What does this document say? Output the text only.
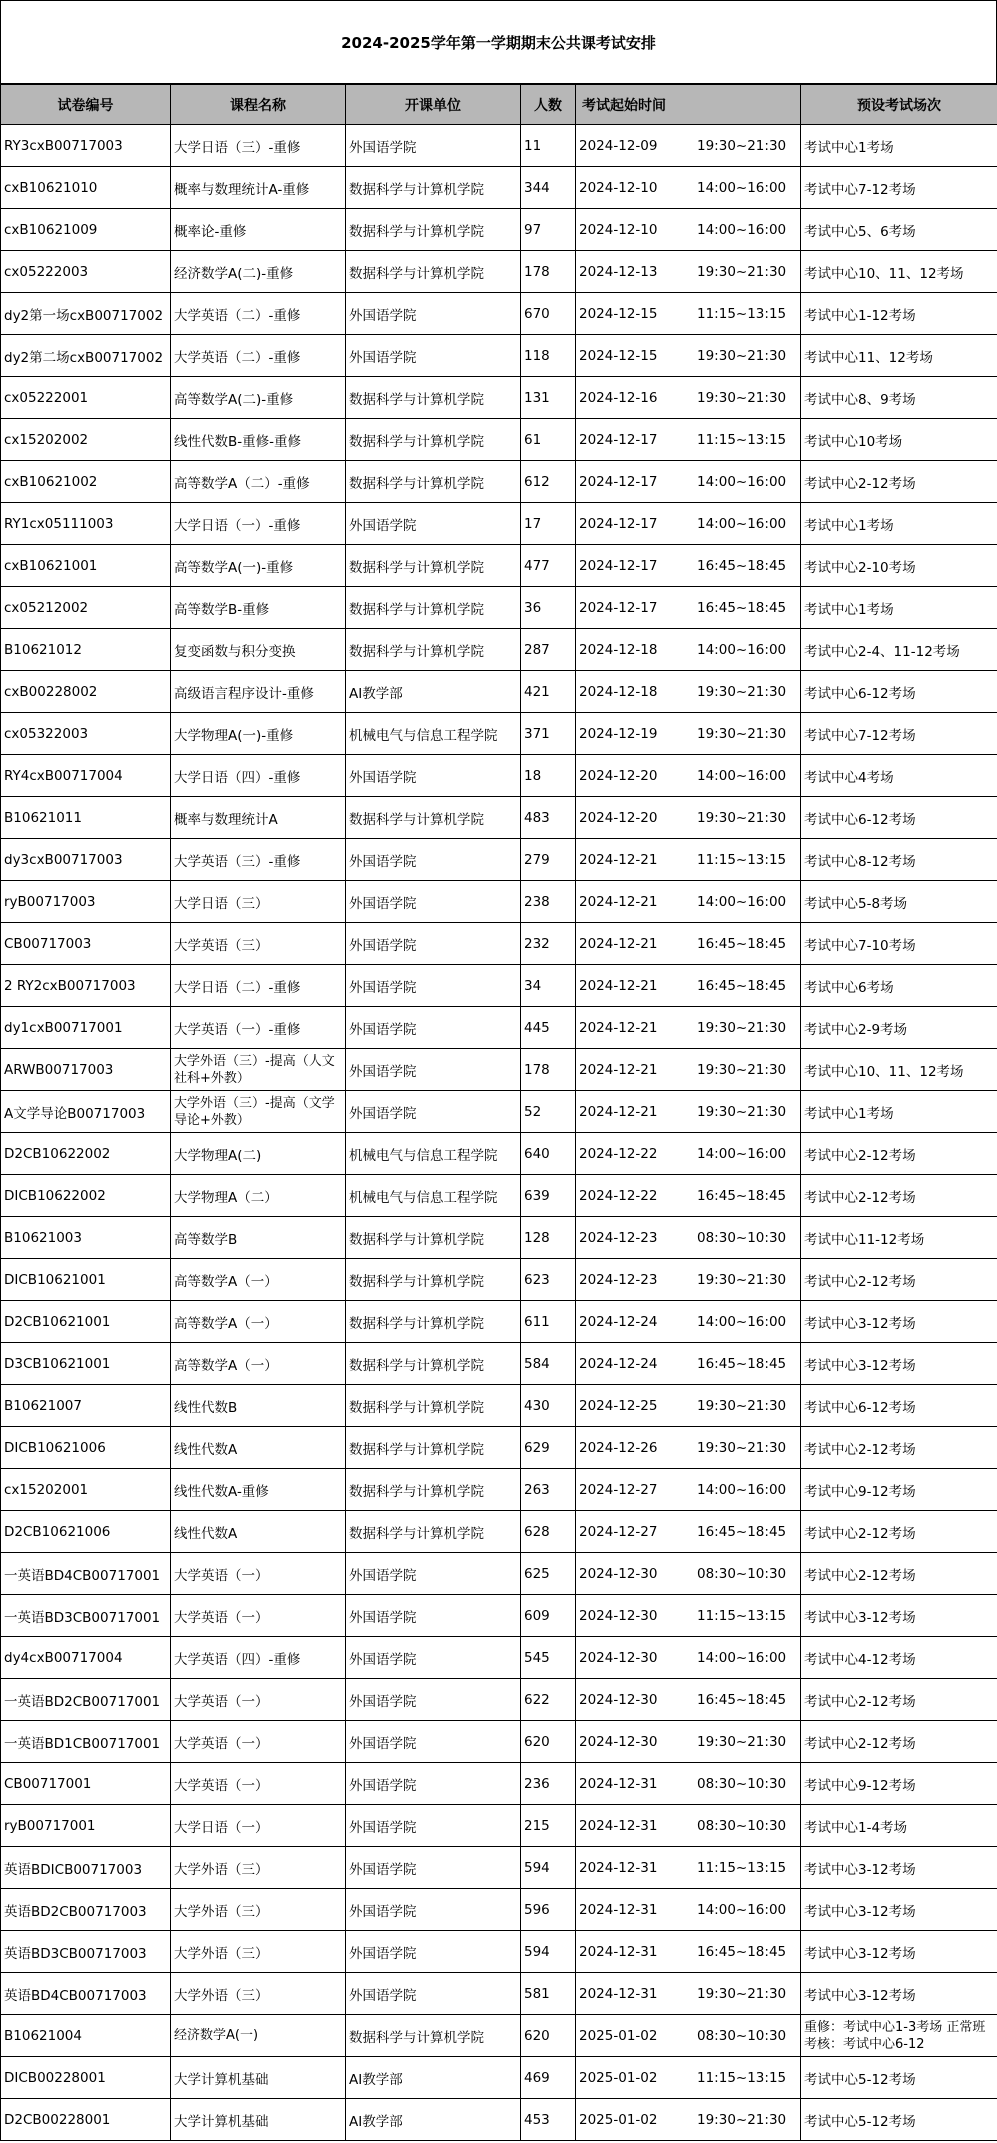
2024-2025学年第一学期期末公共课考试安排
试卷编号	课程名称	开课单位	人数	考试起始时间	预设考试场次
RY3cxB00717003	大学日语（三）-重修	外国语学院	11	2024-12-09 19:30~21:30	考试中心1考场
cxB10621010	概率与数理统计A-重修	数据科学与计算机学院	344	2024-12-10 14:00~16:00	考试中心7-12考场
cxB10621009	概率论-重修	数据科学与计算机学院	97	2024-12-10 14:00~16:00	考试中心5、6考场
cx05222003	经济数学A(二)-重修	数据科学与计算机学院	178	2024-12-13 19:30~21:30	考试中心10、11、12考场
dy2第一场cxB00717002	大学英语（二）-重修	外国语学院	670	2024-12-15 11:15~13:15	考试中心1-12考场
dy2第二场cxB00717002	大学英语（二）-重修	外国语学院	118	2024-12-15 19:30~21:30	考试中心11、12考场
cx05222001	高等数学A(二)-重修	数据科学与计算机学院	131	2024-12-16 19:30~21:30	考试中心8、9考场
cx15202002	线性代数B-重修-重修	数据科学与计算机学院	61	2024-12-17 11:15~13:15	考试中心10考场
cxB10621002	高等数学A（二）-重修	数据科学与计算机学院	612	2024-12-17 14:00~16:00	考试中心2-12考场
RY1cx05111003	大学日语（一）-重修	外国语学院	17	2024-12-17 14:00~16:00	考试中心1考场
cxB10621001	高等数学A(一)-重修	数据科学与计算机学院	477	2024-12-17 16:45~18:45	考试中心2-10考场
cx05212002	高等数学B-重修	数据科学与计算机学院	36	2024-12-17 16:45~18:45	考试中心1考场
B10621012	复变函数与积分变换	数据科学与计算机学院	287	2024-12-18 14:00~16:00	考试中心2-4、11-12考场
cxB00228002	高级语言程序设计-重修	AI教学部	421	2024-12-18 19:30~21:30	考试中心6-12考场
cx05322003	大学物理A(一)-重修	机械电气与信息工程学院	371	2024-12-19 19:30~21:30	考试中心7-12考场
RY4cxB00717004	大学日语（四）-重修	外国语学院	18	2024-12-20 14:00~16:00	考试中心4考场
B10621011	概率与数理统计A	数据科学与计算机学院	483	2024-12-20 19:30~21:30	考试中心6-12考场
dy3cxB00717003	大学英语（三）-重修	外国语学院	279	2024-12-21 11:15~13:15	考试中心8-12考场
ryB00717003	大学日语（三）	外国语学院	238	2024-12-21 14:00~16:00	考试中心5-8考场
CB00717003	大学英语（三）	外国语学院	232	2024-12-21 16:45~18:45	考试中心7-10考场
2 RY2cxB00717003	大学日语（二）-重修	外国语学院	34	2024-12-21 16:45~18:45	考试中心6考场
dy1cxB00717001	大学英语（一）-重修	外国语学院	445	2024-12-21 19:30~21:30	考试中心2-9考场
ARWB00717003	大学外语（三）-提高（人文社科+外教）	外国语学院	178	2024-12-21 19:30~21:30	考试中心10、11、12考场
A文学导论B00717003	大学外语（三）-提高（文学导论+外教）	外国语学院	52	2024-12-21 19:30~21:30	考试中心1考场
D2CB10622002	大学物理A(二)	机械电气与信息工程学院	640	2024-12-22 14:00~16:00	考试中心2-12考场
DICB10622002	大学物理A（二）	机械电气与信息工程学院	639	2024-12-22 16:45~18:45	考试中心2-12考场
B10621003	高等数学B	数据科学与计算机学院	128	2024-12-23 08:30~10:30	考试中心11-12考场
DICB10621001	高等数学A（一）	数据科学与计算机学院	623	2024-12-23 19:30~21:30	考试中心2-12考场
D2CB10621001	高等数学A（一）	数据科学与计算机学院	611	2024-12-24 14:00~16:00	考试中心3-12考场
D3CB10621001	高等数学A（一）	数据科学与计算机学院	584	2024-12-24 16:45~18:45	考试中心3-12考场
B10621007	线性代数B	数据科学与计算机学院	430	2024-12-25 19:30~21:30	考试中心6-12考场
DICB10621006	线性代数A	数据科学与计算机学院	629	2024-12-26 19:30~21:30	考试中心2-12考场
cx15202001	线性代数A-重修	数据科学与计算机学院	263	2024-12-27 14:00~16:00	考试中心9-12考场
D2CB10621006	线性代数A	数据科学与计算机学院	628	2024-12-27 16:45~18:45	考试中心2-12考场
一英语BD4CB00717001	大学英语（一）	外国语学院	625	2024-12-30 08:30~10:30	考试中心2-12考场
一英语BD3CB00717001	大学英语（一）	外国语学院	609	2024-12-30 11:15~13:15	考试中心3-12考场
dy4cxB00717004	大学英语（四）-重修	外国语学院	545	2024-12-30 14:00~16:00	考试中心4-12考场
一英语BD2CB00717001	大学英语（一）	外国语学院	622	2024-12-30 16:45~18:45	考试中心2-12考场
一英语BD1CB00717001	大学英语（一）	外国语学院	620	2024-12-30 19:30~21:30	考试中心2-12考场
CB00717001	大学英语（一）	外国语学院	236	2024-12-31 08:30~10:30	考试中心9-12考场
ryB00717001	大学日语（一）	外国语学院	215	2024-12-31 08:30~10:30	考试中心1-4考场
英语BDICB00717003	大学外语（三）	外国语学院	594	2024-12-31 11:15~13:15	考试中心3-12考场
英语BD2CB00717003	大学外语（三）	外国语学院	596	2024-12-31 14:00~16:00	考试中心3-12考场
英语BD3CB00717003	大学外语（三）	外国语学院	594	2024-12-31 16:45~18:45	考试中心3-12考场
英语BD4CB00717003	大学外语（三）	外国语学院	581	2024-12-31 19:30~21:30	考试中心3-12考场
B10621004	经济数学A(一)	数据科学与计算机学院	620	2025-01-02 08:30~10:30	重修：考试中心1-3考场 正常班考核：考试中心6-12
DICB00228001	大学计算机基础	AI教学部	469	2025-01-02 11:15~13:15	考试中心5-12考场
D2CB00228001	大学计算机基础	AI教学部	453	2025-01-02 19:30~21:30	考试中心5-12考场
